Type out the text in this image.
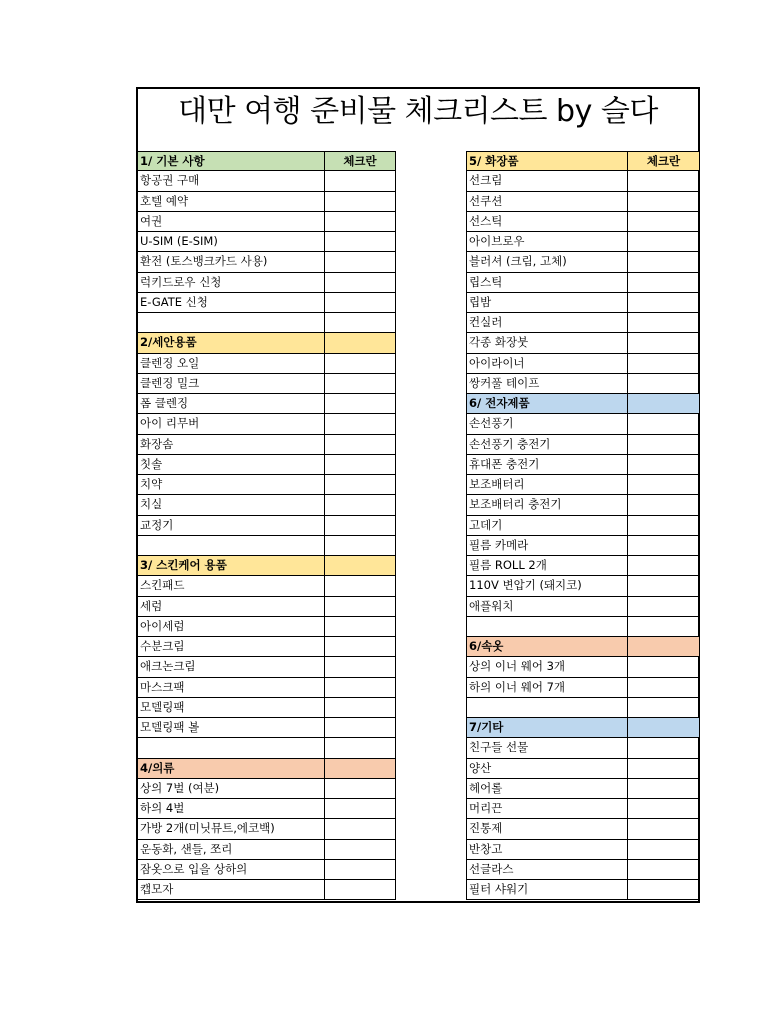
대만 여행 준비물 체크리스트 by 슬다
1/ 기본 사항	체크란
항공권 구매
호텔 예약
여권
U-SIM (E-SIM)
환전 (토스뱅크카드 사용)
럭키드로우 신청
E-GATE 신청
2/세안용품
클렌징 오일
클렌징 밀크
폼 클렌징
아이 리무버
화장솜
칫솔
치약
치실
교정기
3/ 스킨케어 용품
스킨패드
세럼
아이세럼
수분크림
애크논크림
마스크팩
모델링팩
모델링팩 볼
4/의류
상의 7벌 (여분)
하의 4벌
가방 2개(미닛뮤트,에코백)
운동화, 샌들, 쪼리
잠옷으로 입을 상하의
캡모자
5/ 화장품	체크란
선크림
선쿠션
선스틱
아이브로우
블러셔 (크림, 고체)
립스틱
립밤
컨실러
각종 화장붓
아이라이너
쌍커풀 테이프
6/ 전자제품
손선풍기
손선풍기 충전기
휴대폰 충전기
보조배터리
보조배터리 충전기
고데기
필름 카메라
필름 ROLL 2개
110V 변압기 (돼지코)
애플워치
6/속옷
상의 이너 웨어 3개
하의 이너 웨어 7개
7/기타
친구들 선물
양산
헤어롤
머리끈
진통제
반창고
선글라스
필터 샤워기
